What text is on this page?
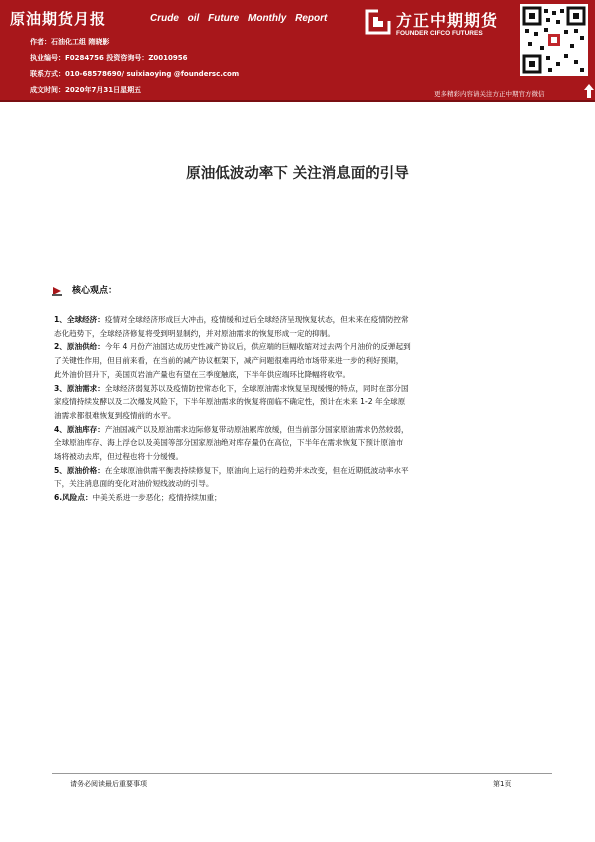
原油期货月报	Crude oil Future Monthly Report
作者：石油化工组 隋晓影
执业编号：F0284756 投资咨询号：Z0010956
联系方式：010-68578690/ suixiaoying @foundersc.com
成文时间：2020年7月31日星期五
方正中期期货
FOUNDER CIFCO FUTURES
更多精彩内容请关注方正中期官方微信
原油低波动率下 关注消息面的引导
核心观点：
1、全球经济：疫情对全球经济形成巨大冲击，疫情缓和过后全球经济呈现恢复状态，但未来在疫情防控常
态化趋势下，全球经济修复将受到明显制约，并对原油需求的恢复形成一定的抑制。
2、原油供给：今年 4 月份产油国达成历史性减产协议后，供应端的巨幅收缩对过去两个月油价的反弹起到
了关键性作用，但目前来看，在当前的减产协议框架下，减产问题很难再给市场带来进一步的利好预期，
此外油价回升下，美国页岩油产量也有望在三季度触底，下半年供应端环比降幅将收窄。
3、原油需求：全球经济弱复苏以及疫情防控常态化下，全球原油需求恢复呈现缓慢的特点，同时在部分国
家疫情持续发酵以及二次爆发风险下，下半年原油需求的恢复将面临不确定性，预计在未来 1-2 年全球原
油需求都很难恢复到疫情前的水平。
4、原油库存：产油国减产以及原油需求边际修复带动原油累库放缓，但当前部分国家原油需求仍然较弱，
全球原油库存、海上浮仓以及美国等部分国家原油绝对库存量仍在高位，下半年在需求恢复下预计原油市
场将被动去库，但过程也将十分缓慢。
5、原油价格：在全球原油供需平衡表持续修复下，原油向上运行的趋势并未改变，但在近期低波动率水平
下，关注消息面的变化对油价短线波动的引导。
6.风险点：中美关系进一步恶化；疫情持续加重；
请务必阅读最后重要事项	第1页
